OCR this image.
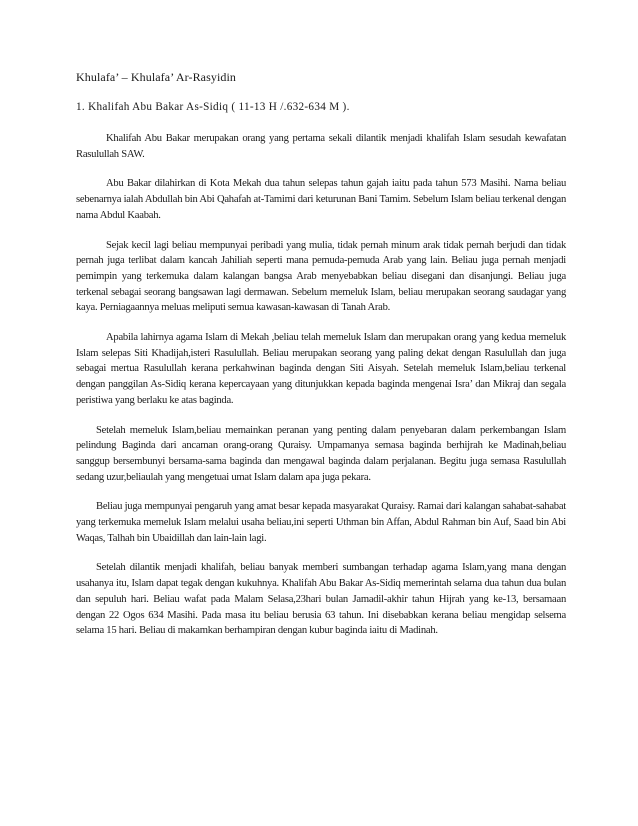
Khulafa’ – Khulafa’ Ar-Rasyidin
1. Khalifah Abu Bakar As-Sidiq ( 11-13 H /.632-634 M ).

Khalifah Abu Bakar merupakan orang yang pertama sekali dilantik menjadi khalifah Islam sesudah kewafatan Rasulullah SAW.

Abu Bakar dilahirkan di Kota Mekah dua tahun selepas tahun gajah iaitu pada tahun 573 Masihi. Nama beliau sebenarnya ialah Abdullah bin Abi Qahafah at-Tamimi dari keturunan Bani Tamim. Sebelum Islam beliau terkenal dengan nama Abdul Kaabah.

Sejak kecil lagi beliau mempunyai peribadi yang mulia, tidak pernah minum arak tidak pernah berjudi dan tidak pernah juga terlibat dalam kancah Jahiliah seperti mana pemuda-pemuda Arab yang lain. Beliau juga pernah menjadi pemimpin yang terkemuka dalam kalangan bangsa Arab menyebabkan beliau disegani dan disanjungi. Beliau juga terkenal sebagai seorang bangsawan lagi dermawan. Sebelum memeluk Islam, beliau merupakan seorang saudagar yang kaya. Perniagaannya meluas meliputi semua kawasan-kawasan di Tanah Arab.

Apabila lahirnya agama Islam di Mekah ,beliau telah memeluk Islam dan merupakan orang yang kedua memeluk Islam selepas Siti Khadijah,isteri Rasulullah. Beliau merupakan seorang yang paling dekat dengan Rasulullah dan juga sebagai mertua Rasulullah kerana perkahwinan baginda dengan Siti Aisyah. Setelah memeluk Islam,beliau terkenal dengan panggilan As-Sidiq kerana kepercayaan yang ditunjukkan kepada baginda mengenai Isra’ dan Mikraj dan segala peristiwa yang berlaku ke atas baginda.

Setelah memeluk Islam,beliau memainkan peranan yang penting dalam penyebaran dalam perkembangan Islam pelindung Baginda dari ancaman orang-orang Quraisy. Umpamanya semasa baginda berhijrah ke Madinah,beliau sanggup bersembunyi bersama-sama baginda dan mengawal baginda dalam perjalanan. Begitu juga semasa Rasulullah sedang uzur,beliaulah yang mengetuai umat Islam dalam apa juga pekara.

Beliau juga mempunyai pengaruh yang amat besar kepada masyarakat Quraisy. Ramai dari kalangan sahabat-sahabat yang terkemuka memeluk Islam melalui usaha beliau,ini seperti Uthman bin Affan, Abdul Rahman bin Auf, Saad bin Abi Waqas, Talhah bin Ubaidillah dan lain-lain lagi.

Setelah dilantik menjadi khalifah, beliau banyak memberi sumbangan terhadap agama Islam,yang mana dengan usahanya itu, Islam dapat tegak dengan kukuhnya. Khalifah Abu Bakar As-Sidiq memerintah selama dua tahun dua bulan dan sepuluh hari. Beliau wafat pada Malam Selasa,23hari bulan Jamadil-akhir tahun Hijrah yang ke-13, bersamaan dengan 22 Ogos 634 Masihi. Pada masa itu beliau berusia 63 tahun. Ini disebabkan kerana beliau mengidap selsema selama 15 hari. Beliau di makamkan berhampiran dengan kubur baginda iaitu di Madinah.
